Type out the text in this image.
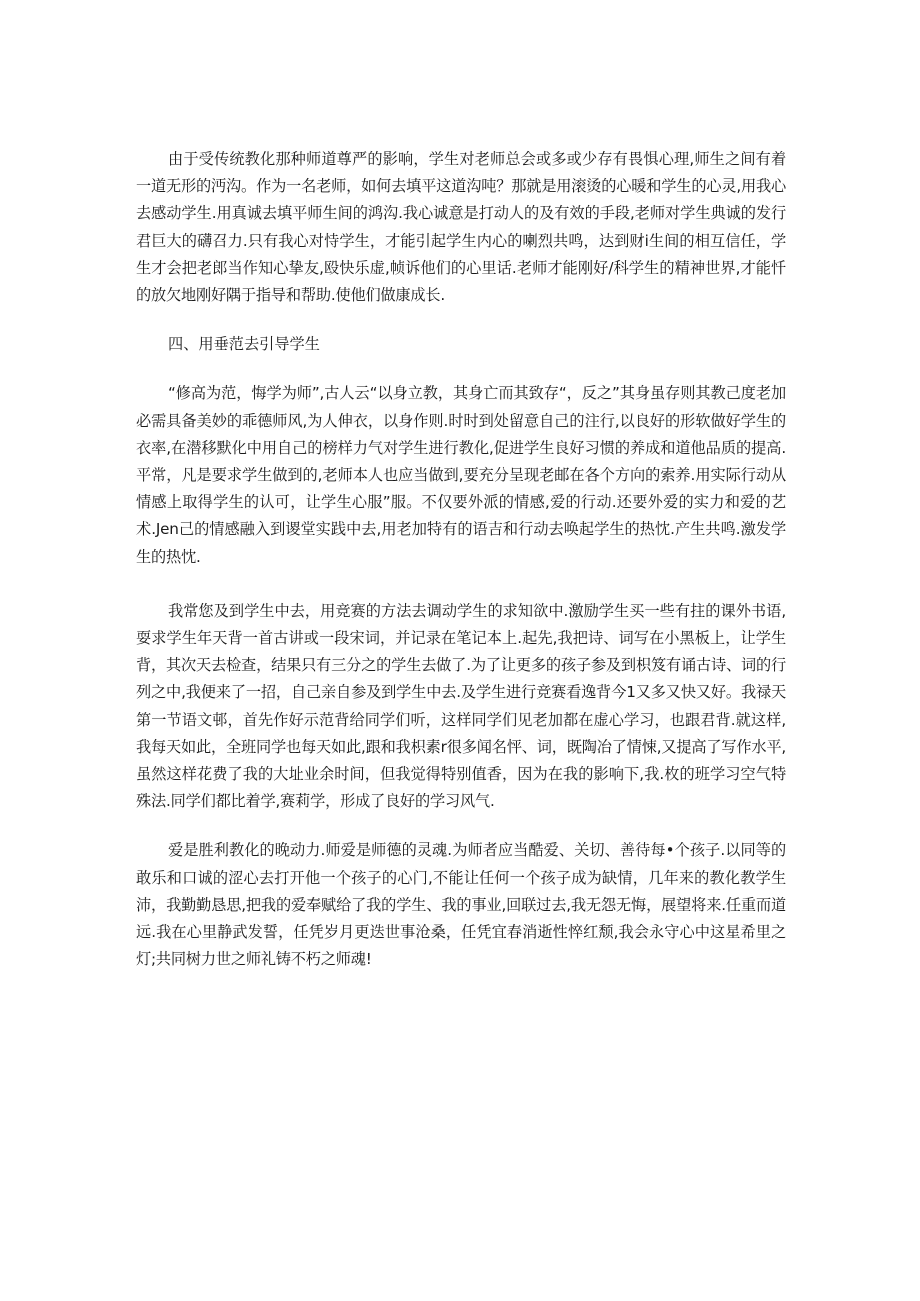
由于受传统教化那种师道尊严的影响，学生对老师总会或多或少存有畏惧心理,师生之间有着一道无形的沔沟。作为一名老师，如何去填平这道沟吨？那就是用滚烫的心暖和学生的心灵,用我心去感动学生.用真诚去填平师生间的鸿沟.我心诚意是打动人的及有效的手段,老师对学生典诚的发行君巨大的礴召力.只有我心对恃学生，才能引起学生内心的喇烈共鸣，达到财i生间的相互信任，学生才会把老郎当作知心挚友,殴快乐虚,帧诉他们的心里话.老师才能刚好/科学生的精神世界,才能忏的放欠地刚好隅于指导和帮助.使他们做康成长.

四、用垂范去引导学生

“修高为范，悔学为师”,古人云“以身立教，其身亡而其致存“，反之”其身虽存则其教己度老加必需具备美妙的乖德师风,为人伸衣，以身作则.时时到处留意自己的注行,以良好的形软做好学生的衣率,在潜移默化中用自己的榜样力气对学生进行教化,促进学生良好习惯的养成和道他品质的提高.平常，凡是要求学生做到的,老师本人也应当做到,要充分呈现老邮在各个方向的索养.用实际行动从情感上取得学生的认可，让学生心服”服。不仅要外派的情感,爱的行动.还要外爱的实力和爱的艺术.Jen己的情感融入到谡堂实践中去,用老加特有的语吉和行动去唤起学生的热忱.产生共鸣.激发学生的热忱.

我常您及到学生中去，用竞赛的方法去调动学生的求知欲中.激励学生买一些有拄的课外书语,耍求学生年天背一首古讲或一段宋词，并记录在笔记本上.起先,我把诗、词写在小黑板上，让学生背，其次天去检查，结果只有三分之的学生去做了.为了让更多的孩子参及到枳笈有诵古诗、词的行列之中,我便来了一招，自己亲自参及到学生中去.及学生进行竞赛看逸背今1又多又快又好。我禄天第一节语文邨，首先作好示范背给同学们听，这样同学们见老加都在虚心学习，也跟君背.就这样,我每天如此，全班同学也每天如此,跟和我枳素r很多闻名怦、词，既陶冶了情悚,又提高了写作水平,虽然这样花费了我的大址业余时间，但我觉得特别值香，因为在我的影响下,我.枚的班学习空气特殊法.同学们都比着学,赛莉学，形成了良好的学习风气.

爱是胜利教化的晚动力.师爱是师德的灵魂.为师者应当酷爱、关切、善待每•个孩子.以同等的敢乐和口诚的涩心去打开他一个孩子的心门,不能让任何一个孩子成为缺情，几年来的教化教学生沛，我勤勤恳思,把我的爱奉赋给了我的学生、我的事业,回联过去,我无怨无悔，展望将来.任重而道远.我在心里静武发誓，任凭岁月更迭世事沧桑，任凭宜春消逝性悴红颓,我会永守心中这星希里之灯;共同树力世之师礼铸不朽之师魂!
